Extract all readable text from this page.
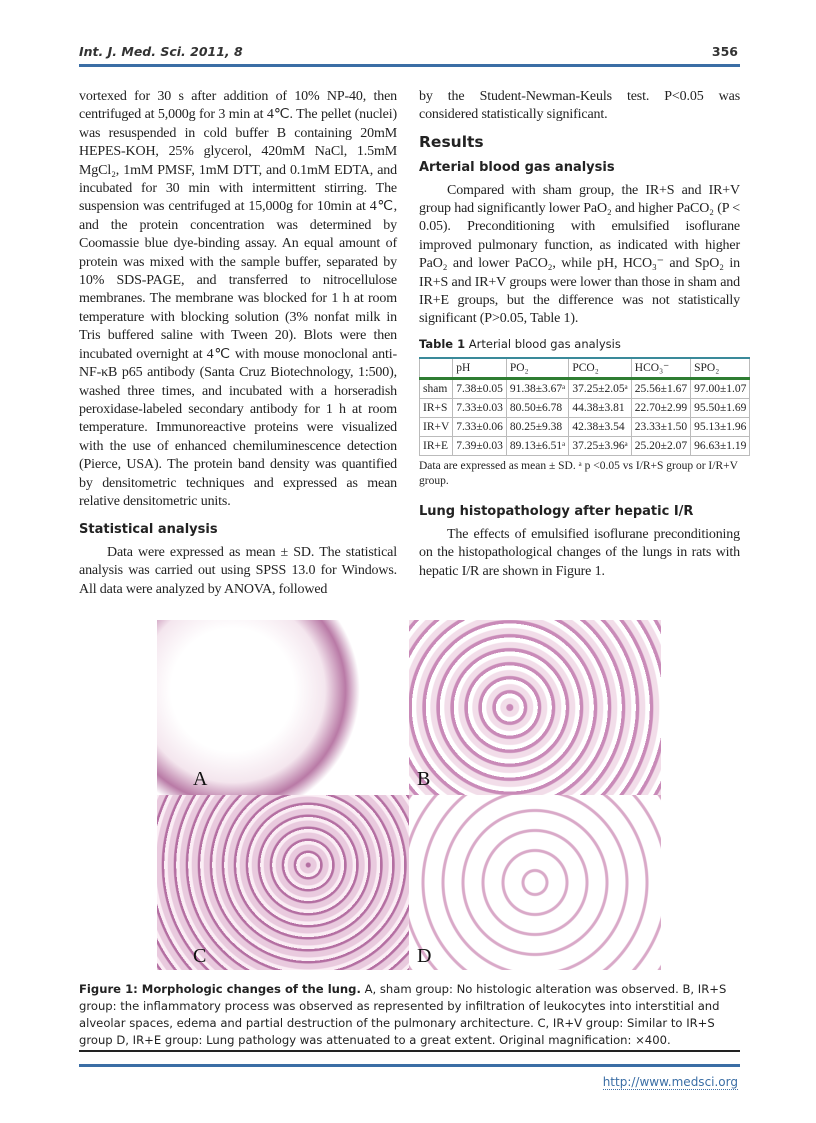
Int. J. Med. Sci. 2011, 8	356

vortexed for 30 s after addition of 10% NP-40, then centrifuged at 5,000g for 3 min at 4℃. The pellet (nuclei) was resuspended in cold buffer B containing 20mM HEPES-KOH, 25% glycerol, 420mM NaCl, 1.5mM MgCl₂, 1mM PMSF, 1mM DTT, and 0.1mM EDTA, and incubated for 30 min with intermittent stirring. The suspension was centrifuged at 15,000g for 10min at 4℃, and the protein concentration was determined by Coomassie blue dye-binding assay. An equal amount of protein was mixed with the sample buffer, separated by 10% SDS-PAGE, and transferred to nitrocellulose membranes. The membrane was blocked for 1 h at room temperature with blocking solution (3% nonfat milk in Tris buffered saline with Tween 20). Blots were then incubated overnight at 4℃ with mouse monoclonal anti-NF-κB p65 antibody (Santa Cruz Biotechnology, 1:500), washed three times, and incubated with a horseradish peroxidase-labeled secondary antibody for 1 h at room temperature. Immunoreactive proteins were visualized with the use of enhanced chemiluminescence detection (Pierce, USA). The protein band density was quantified by densitometric techniques and expressed as mean relative densitometric units.

Statistical analysis

Data were expressed as mean ± SD. The statistical analysis was carried out using SPSS 13.0 for Windows. All data were analyzed by ANOVA, followed

by the Student-Newman-Keuls test. P<0.05 was considered statistically significant.

Results
Arterial blood gas analysis

Compared with sham group, the IR+S and IR+V group had significantly lower PaO₂ and higher PaCO₂ (P < 0.05). Preconditioning with emulsified isoflurane improved pulmonary function, as indicated with higher PaO₂ and lower PaCO₂, while pH, HCO₃⁻ and SpO₂ in IR+S and IR+V groups were lower than those in sham and IR+E groups, but the difference was not statistically significant (P>0.05, Table 1).

Table 1 Arterial blood gas analysis
	pH	PO₂	PCO₂	HCO₃⁻	SPO₂
sham	7.38±0.05	91.38±3.67ᵃ	37.25±2.05ᵃ	25.56±1.67	97.00±1.07
IR+S	7.33±0.03	80.50±6.78	44.38±3.81	22.70±2.99	95.50±1.69
IR+V	7.33±0.06	80.25±9.38	42.38±3.54	23.33±1.50	95.13±1.96
IR+E	7.39±0.03	89.13±6.51ᵃ	37.25±3.96ᵃ	25.20±2.07	96.63±1.19
Data are expressed as mean ± SD. ᵃ p <0.05 vs I/R+S group or I/R+V group.
Lung histopathology after hepatic I/R

The effects of emulsified isoflurane preconditioning on the histopathological changes of the lungs in rats with hepatic I/R are shown in Figure 1.

A	B
C	D
Figure 1: Morphologic changes of the lung. A, sham group: No histologic alteration was observed. B, IR+S group: the inflammatory process was observed as represented by infiltration of leukocytes into interstitial and alveolar spaces, edema and partial destruction of the pulmonary architecture. C, IR+V group: Similar to IR+S group D, IR+E group: Lung pathology was attenuated to a great extent. Original magnification: ×400.
http://www.medsci.org
